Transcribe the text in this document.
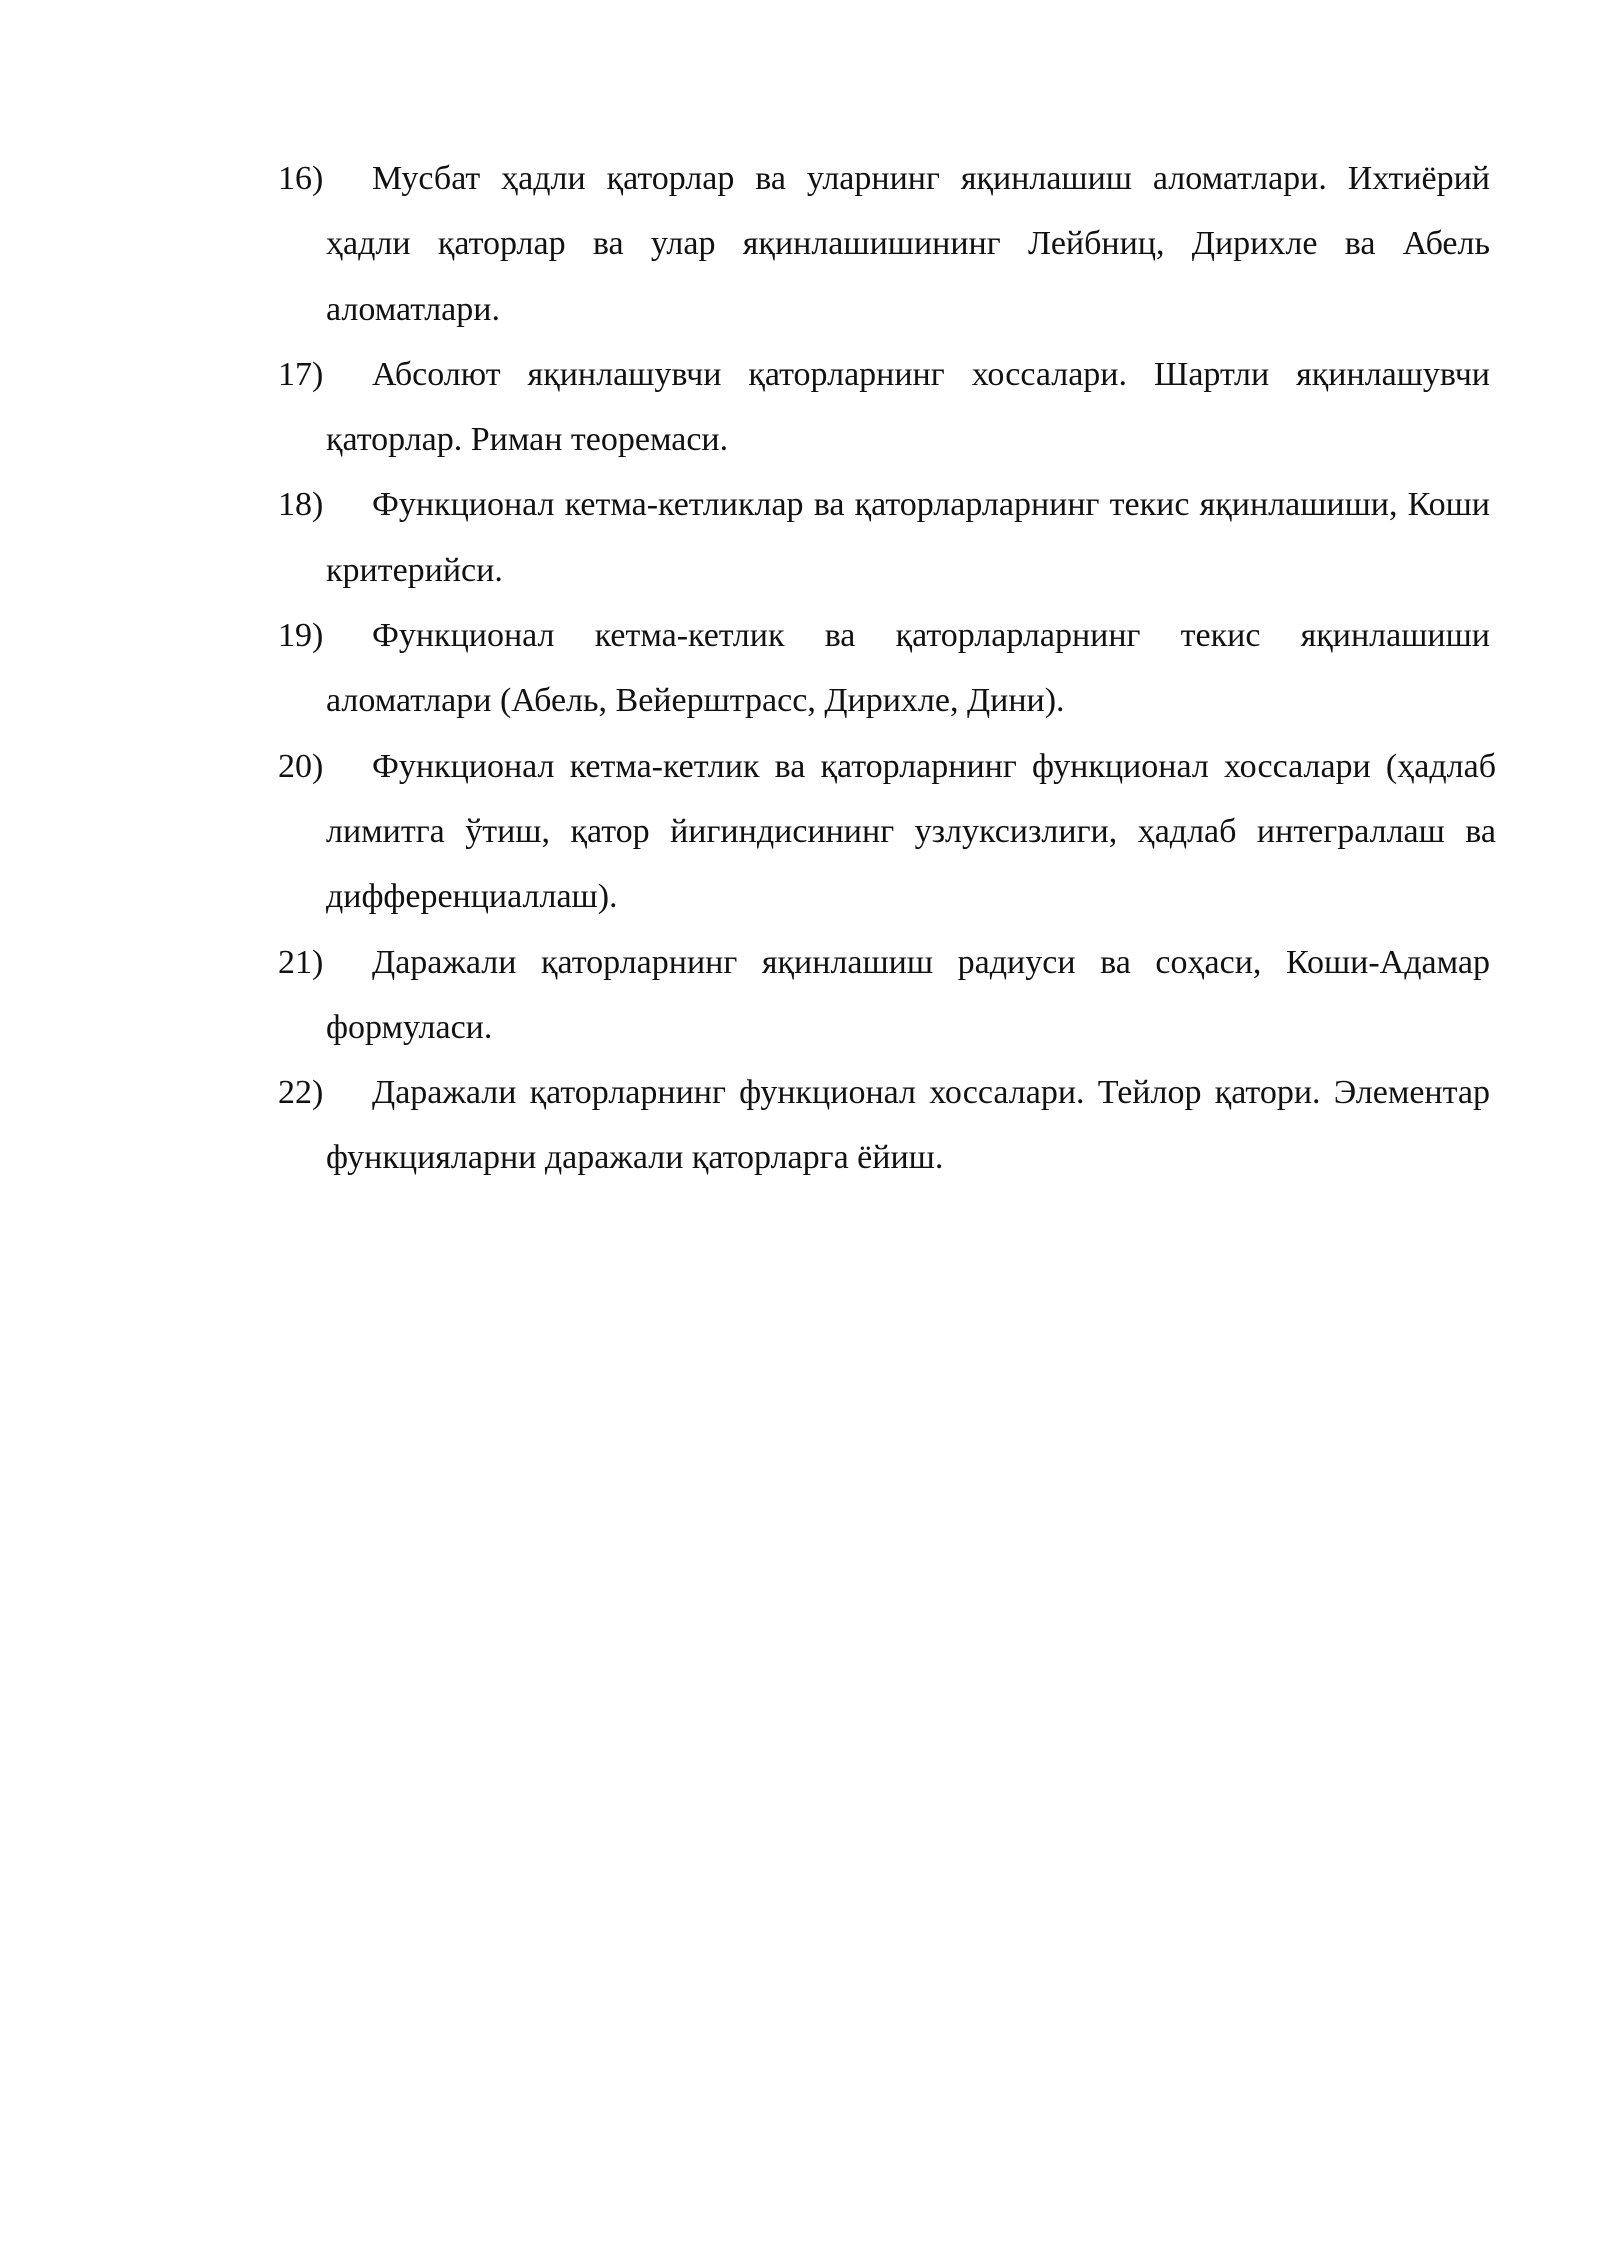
16)	Мусбат ҳадли қаторлар ва уларнинг яқинлашиш аломатлари. Ихтиёрий ҳадли қаторлар ва улар яқинлашишининг Лейбниц, Дирихле ва Абель аломатлари.
17)	Абсолют яқинлашувчи қаторларнинг хоссалари. Шартли яқинлашувчи қаторлар. Риман теоремаси.
18)	Функционал кетма-кетликлар ва қаторларларнинг текис яқинлашиши, Коши критерийси.
19)	Функционал кетма-кетлик ва қаторларларнинг текис яқинлашиши аломатлари (Абель, Вейерштрасс, Дирихле, Дини).
20)	Функционал кетма-кетлик ва қаторларнинг функционал хоссалари (ҳадлаб лимитга ўтиш, қатор йигиндисининг узлуксизлиги, ҳадлаб интеграллаш ва дифференциаллаш).
21)	Даражали қаторларнинг яқинлашиш радиуси ва соҳаси, Коши-Адамар формуласи.
22)	Даражали қаторларнинг функционал хоссалари. Тейлор қатори. Элементар функцияларни даражали қаторларга ёйиш.
